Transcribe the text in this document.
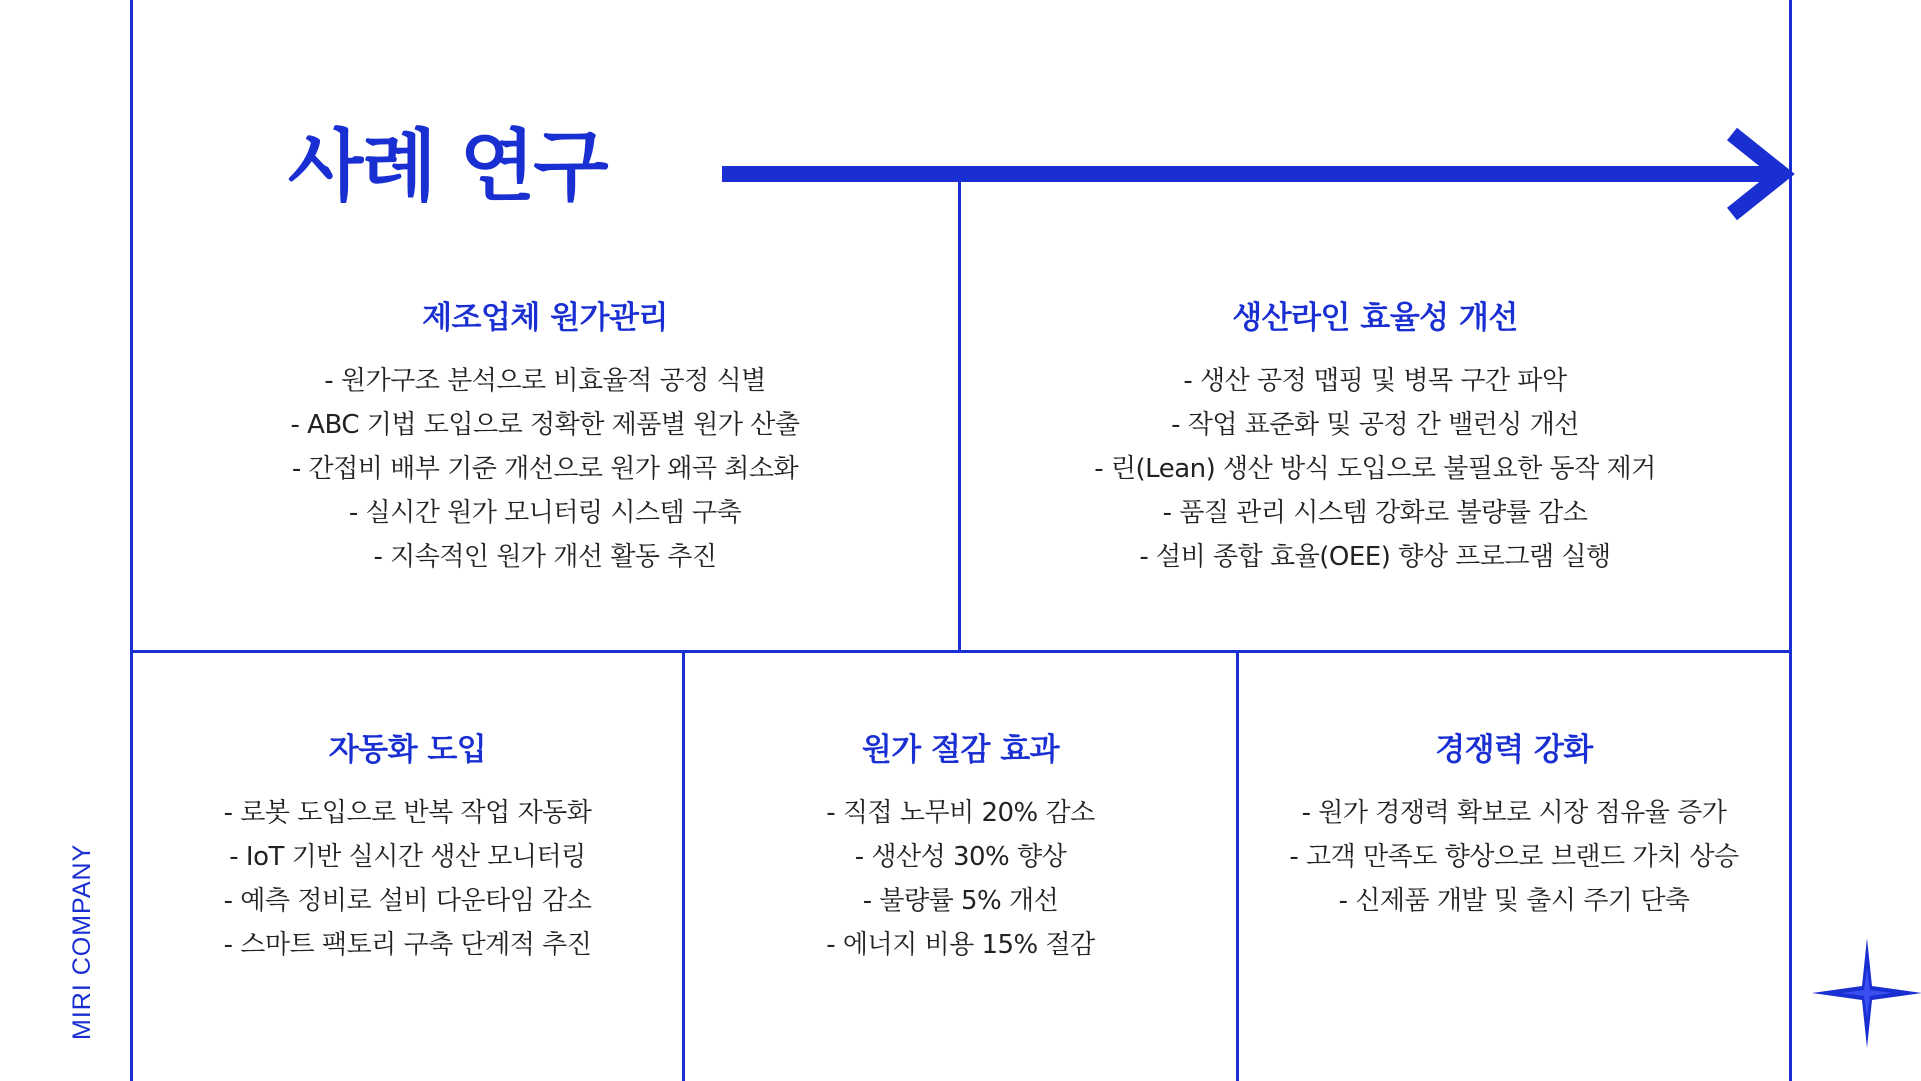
사례 연구
MIRI COMPANY
제조업체 원가관리
- 원가구조 분석으로 비효율적 공정 식별
- ABC 기법 도입으로 정확한 제품별 원가 산출
- 간접비 배부 기준 개선으로 원가 왜곡 최소화
- 실시간 원가 모니터링 시스템 구축
- 지속적인 원가 개선 활동 추진
생산라인 효율성 개선
- 생산 공정 맵핑 및 병목 구간 파악
- 작업 표준화 및 공정 간 밸런싱 개선
- 린(Lean) 생산 방식 도입으로 불필요한 동작 제거
- 품질 관리 시스템 강화로 불량률 감소
- 설비 종합 효율(OEE) 향상 프로그램 실행
자동화 도입
- 로봇 도입으로 반복 작업 자동화
- IoT 기반 실시간 생산 모니터링
- 예측 정비로 설비 다운타임 감소
- 스마트 팩토리 구축 단계적 추진
원가 절감 효과
- 직접 노무비 20% 감소
- 생산성 30% 향상
- 불량률 5% 개선
- 에너지 비용 15% 절감
경쟁력 강화
- 원가 경쟁력 확보로 시장 점유율 증가
- 고객 만족도 향상으로 브랜드 가치 상승
- 신제품 개발 및 출시 주기 단축
